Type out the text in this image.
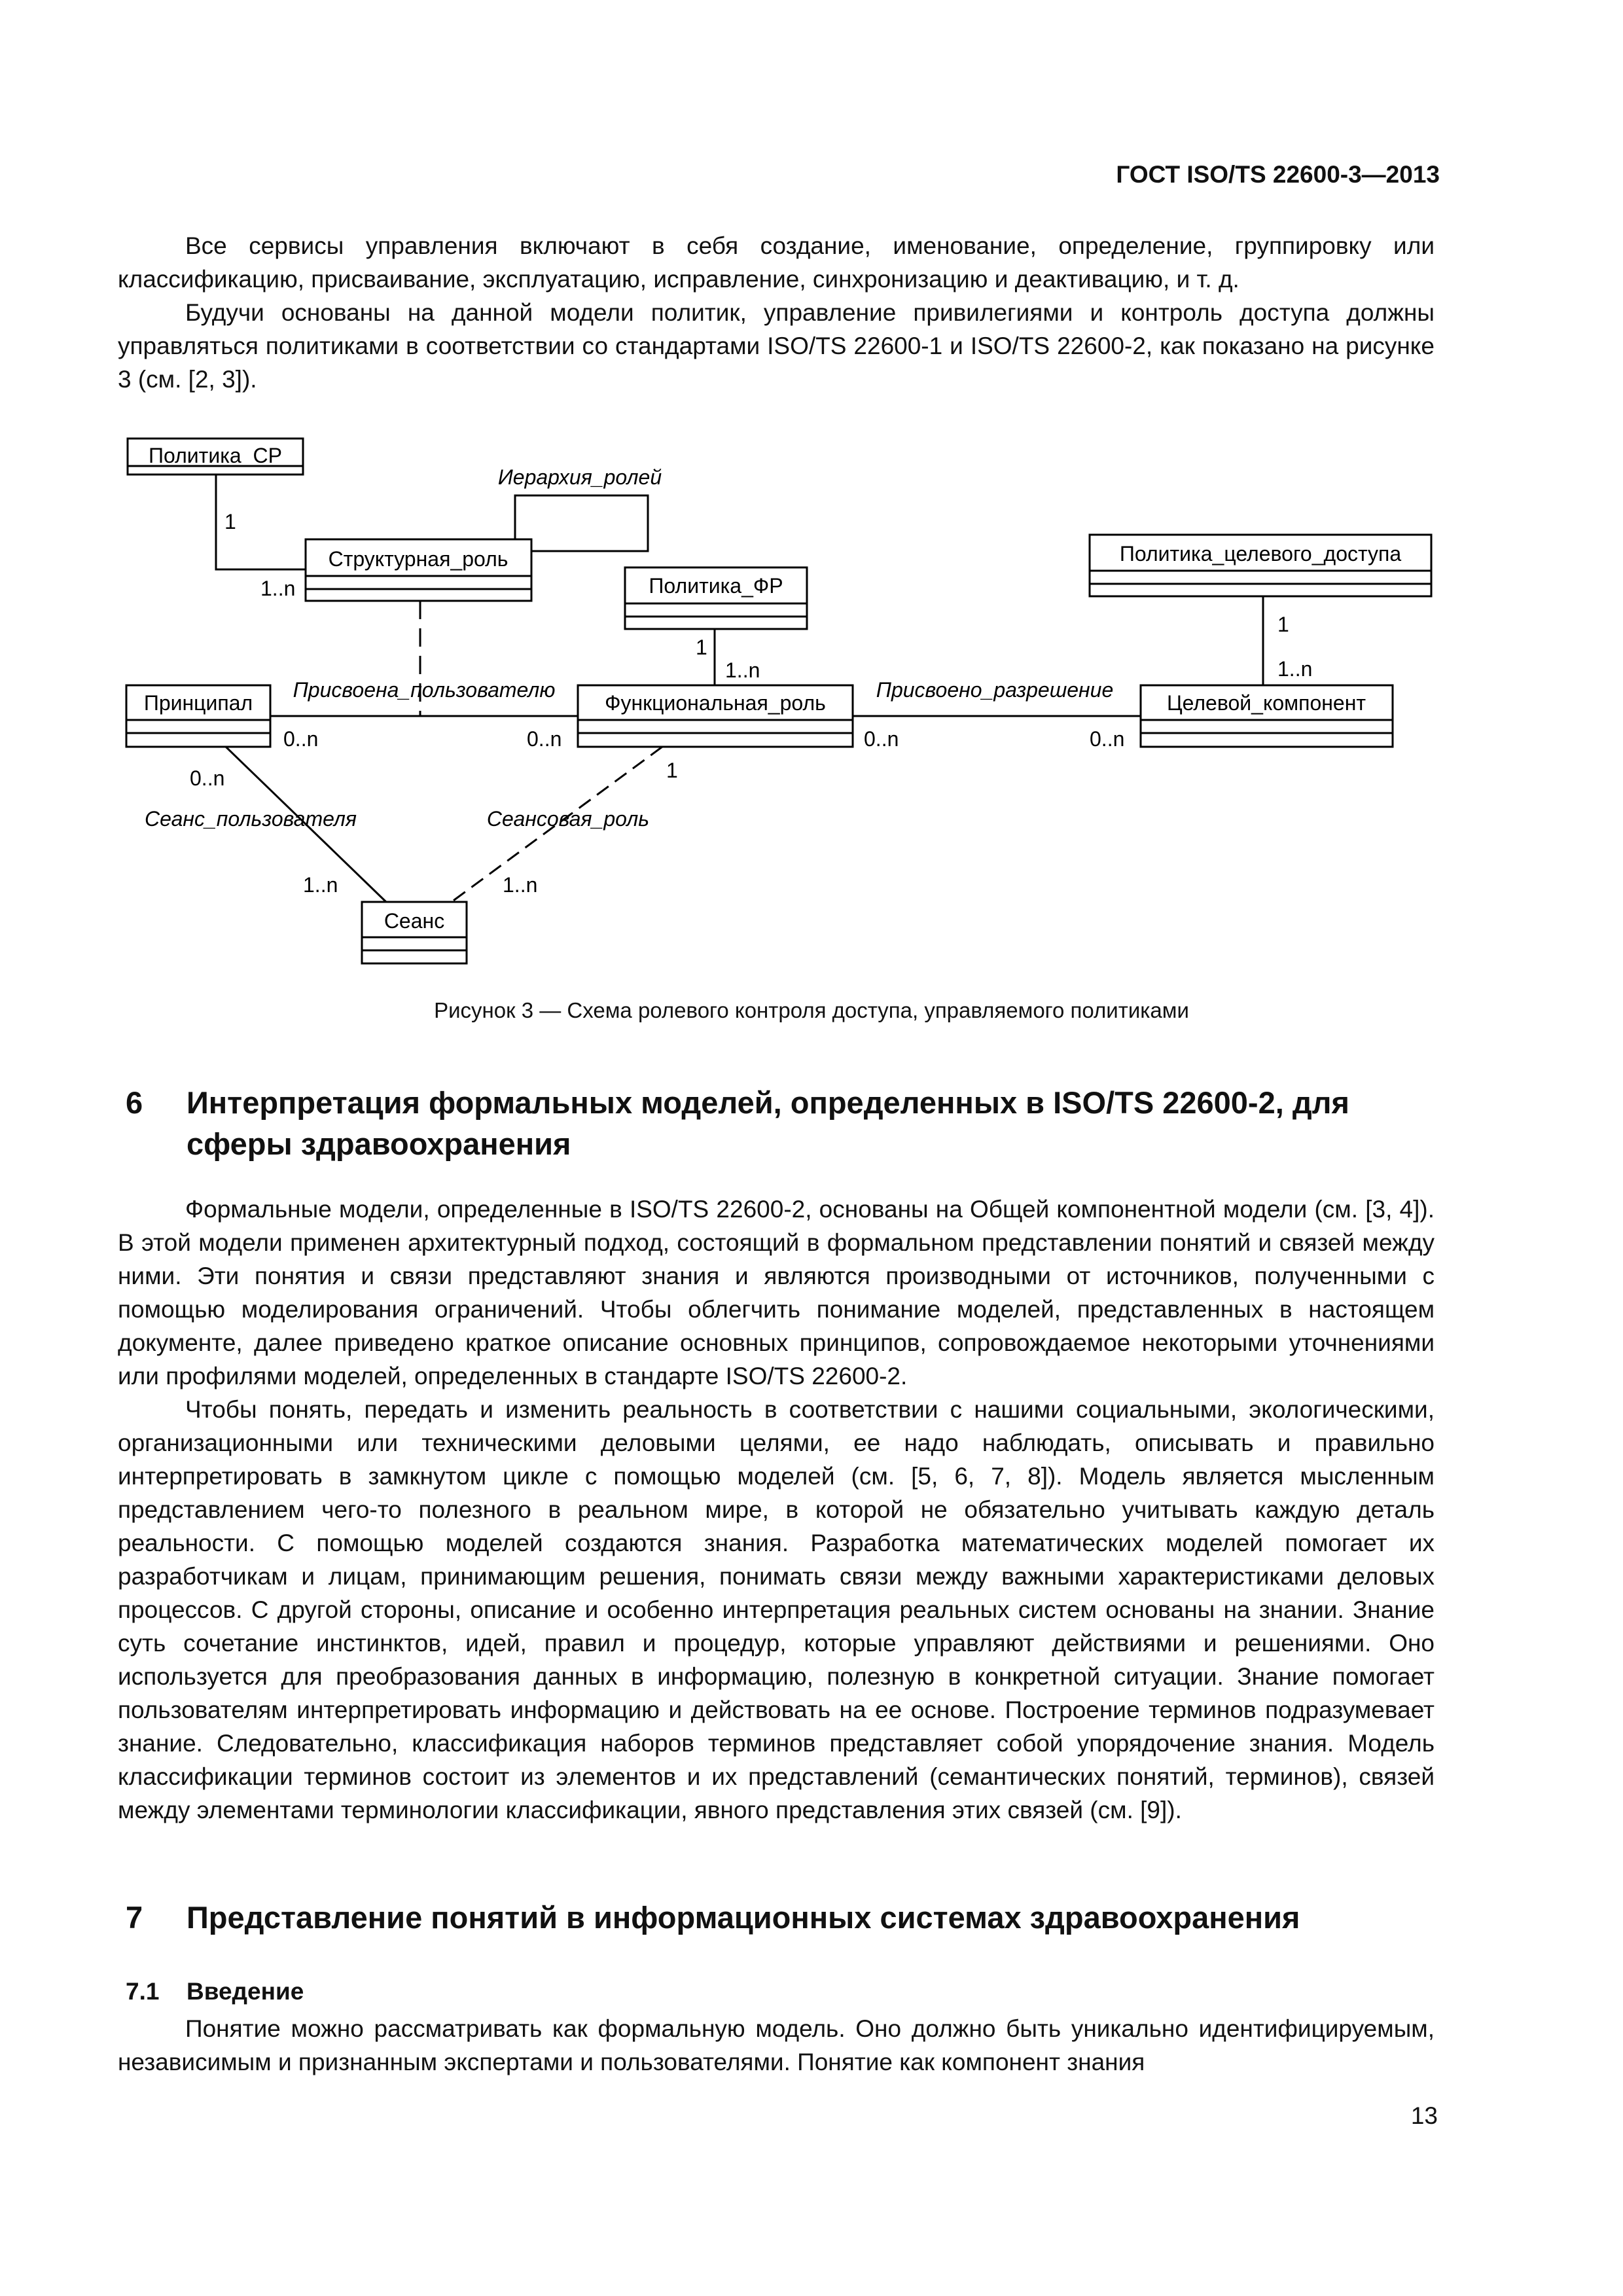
ГОСТ ISO/TS 22600-3—2013

Все сервисы управления включают в себя создание, именование, определение, группировку или классификацию, присваивание, эксплуатацию, исправление, синхронизацию и деактивацию, и т. д.

Будучи основаны на данной модели политик, управление привилегиями и контроль доступа должны управляться политиками в соответствии со стандартами ISO/TS 22600-1 и ISO/TS 22600-2, как показано на рисунке 3 (см. [2, 3]).

Политика_СР
Структурная_роль
Политика_ФР
Политика_целевого_доступа
Принципал	Функциональная_роль	Целевой_компонент
Сеанс
Иерархия_ролей
Присвоена_пользователю	Присвоено_разрешение
Сеанс_пользователя	Сеансовая_роль
1
1..n
1
1..n
1
1..n
0..n	0..n	0..n	0..n
0..n	1
1..n	1..n
Рисунок 3 — Схема ролевого контроля доступа, управляемого политиками
6 Интерпретация формальных моделей, определенных в ISO/TS 22600-2, для сферы здравоохранения

Формальные модели, определенные в ISO/TS 22600-2, основаны на Общей компонентной модели (см. [3, 4]). В этой модели применен архитектурный подход, состоящий в формальном представлении понятий и связей между ними. Эти понятия и связи представляют знания и являются производными от источников, полученными с помощью моделирования ограничений. Чтобы облегчить понимание моделей, представленных в настоящем документе, далее приведено краткое описание основных принципов, сопровождаемое некоторыми уточнениями или профилями моделей, определенных в стандарте ISO/TS 22600-2.

Чтобы понять, передать и изменить реальность в соответствии с нашими социальными, экологическими, организационными или техническими деловыми целями, ее надо наблюдать, описывать и правильно интерпретировать в замкнутом цикле с помощью моделей (см. [5, 6, 7, 8]). Модель является мысленным представлением чего-то полезного в реальном мире, в которой не обязательно учитывать каждую деталь реальности. С помощью моделей создаются знания. Разработка математических моделей помогает их разработчикам и лицам, принимающим решения, понимать связи между важными характеристиками деловых процессов. С другой стороны, описание и особенно интерпретация реальных систем основаны на знании. Знание суть сочетание инстинктов, идей, правил и процедур, которые управляют действиями и решениями. Оно используется для преобразования данных в информацию, полезную в конкретной ситуации. Знание помогает пользователям интерпретировать информацию и действовать на ее основе. Построение терминов подразумевает знание. Следовательно, классификация наборов терминов представляет собой упорядочение знания. Модель классификации терминов состоит из элементов и их представлений (семантических понятий, терминов), связей между элементами терминологии классификации, явного представления этих связей (см. [9]).

7 Представление понятий в информационных системах здравоохранения
7.1 Введение

Понятие можно рассматривать как формальную модель. Оно должно быть уникально идентифицируемым, независимым и признанным экспертами и пользователями. Понятие как компонент знания

13
